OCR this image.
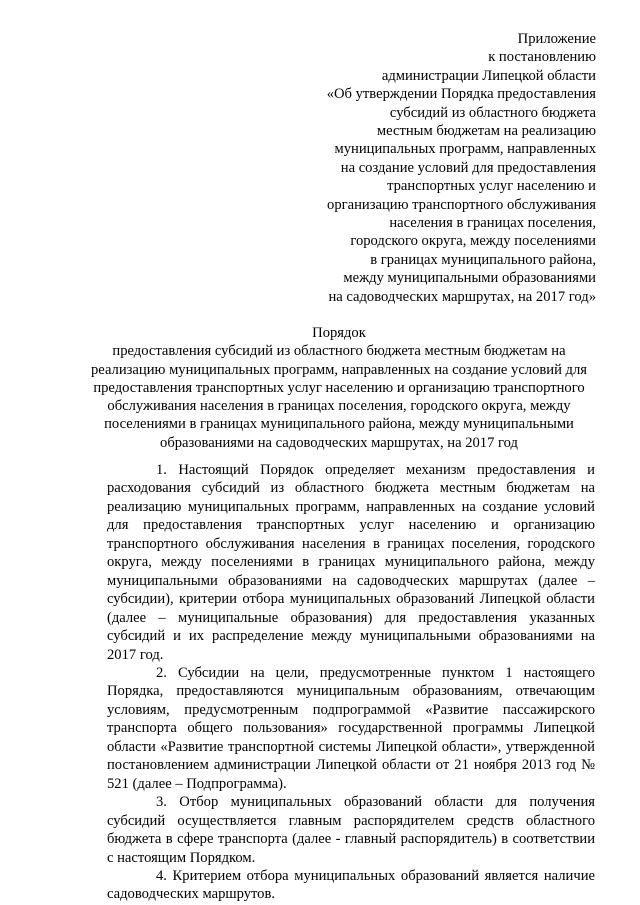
Приложение
к постановлению
администрации Липецкой области
«Об утверждении Порядка предоставления
субсидий из областного бюджета
местным бюджетам на реализацию
муниципальных программ, направленных
на создание условий для предоставления
транспортных услуг населению и
организацию транспортного обслуживания
населения в границах поселения,
городского округа, между поселениями
в границах муниципального района,
между муниципальными образованиями
на садоводческих маршрутах, на 2017 год»
Порядок
предоставления субсидий из областного бюджета местным бюджетам на
реализацию муниципальных программ, направленных на создание условий для
предоставления транспортных услуг населению и организацию транспортного
обслуживания населения в границах поселения, городского округа, между
поселениями в границах муниципального района, между муниципальными
образованиями на садоводческих маршрутах, на 2017 год

1. Настоящий Порядок определяет механизм предоставления и расходования субсидий из областного бюджета местным бюджетам на реализацию муниципальных программ, направленных на создание условий для предоставления транспортных услуг населению и организацию транспортного обслуживания населения в границах поселения, городского округа, между поселениями в границах муниципального района, между муниципальными образованиями на садоводческих маршрутах (далее – субсидии), критерии отбора муниципальных образований Липецкой области (далее – муниципальные образования) для предоставления указанных субсидий и их распределение между муниципальными образованиями на 2017 год.

2. Субсидии на цели, предусмотренные пунктом 1 настоящего Порядка, предоставляются муниципальным образованиям, отвечающим условиям, предусмотренным подпрограммой «Развитие пассажирского транспорта общего пользования» государственной программы Липецкой области «Развитие транспортной системы Липецкой области», утвержденной постановлением администрации Липецкой области от 21 ноября 2013 год № 521 (далее – Подпрограмма).

3. Отбор муниципальных образований области для получения субсидий осуществляется главным распорядителем средств областного бюджета в сфере транспорта (далее - главный распорядитель) в соответствии с настоящим Порядком.

4. Критерием отбора муниципальных образований является наличие садоводческих маршрутов.
